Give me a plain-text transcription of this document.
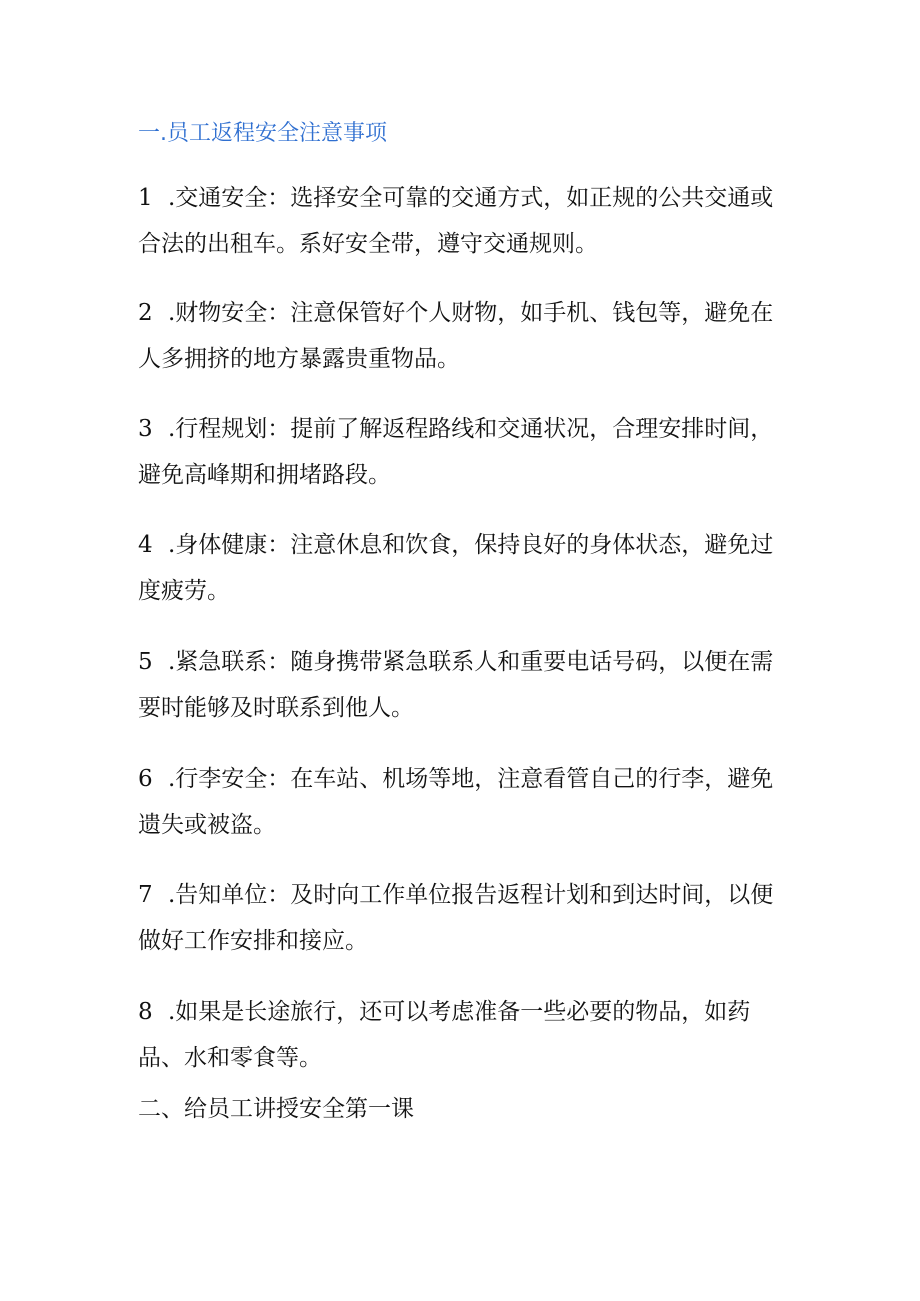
一.员工返程安全注意事项

1 .交通安全：选择安全可靠的交通方式，如正规的公共交通或合法的出租车。系好安全带，遵守交通规则。

2 .财物安全：注意保管好个人财物，如手机、钱包等，避免在人多拥挤的地方暴露贵重物品。

3 .行程规划：提前了解返程路线和交通状况，合理安排时间，避免高峰期和拥堵路段。

4 .身体健康：注意休息和饮食，保持良好的身体状态，避免过度疲劳。

5 .紧急联系：随身携带紧急联系人和重要电话号码，以便在需要时能够及时联系到他人。

6 .行李安全：在车站、机场等地，注意看管自己的行李，避免遗失或被盗。

7 .告知单位：及时向工作单位报告返程计划和到达时间，以便做好工作安排和接应。

8 .如果是长途旅行，还可以考虑准备一些必要的物品，如药品、水和零食等。

二、给员工讲授安全第一课
